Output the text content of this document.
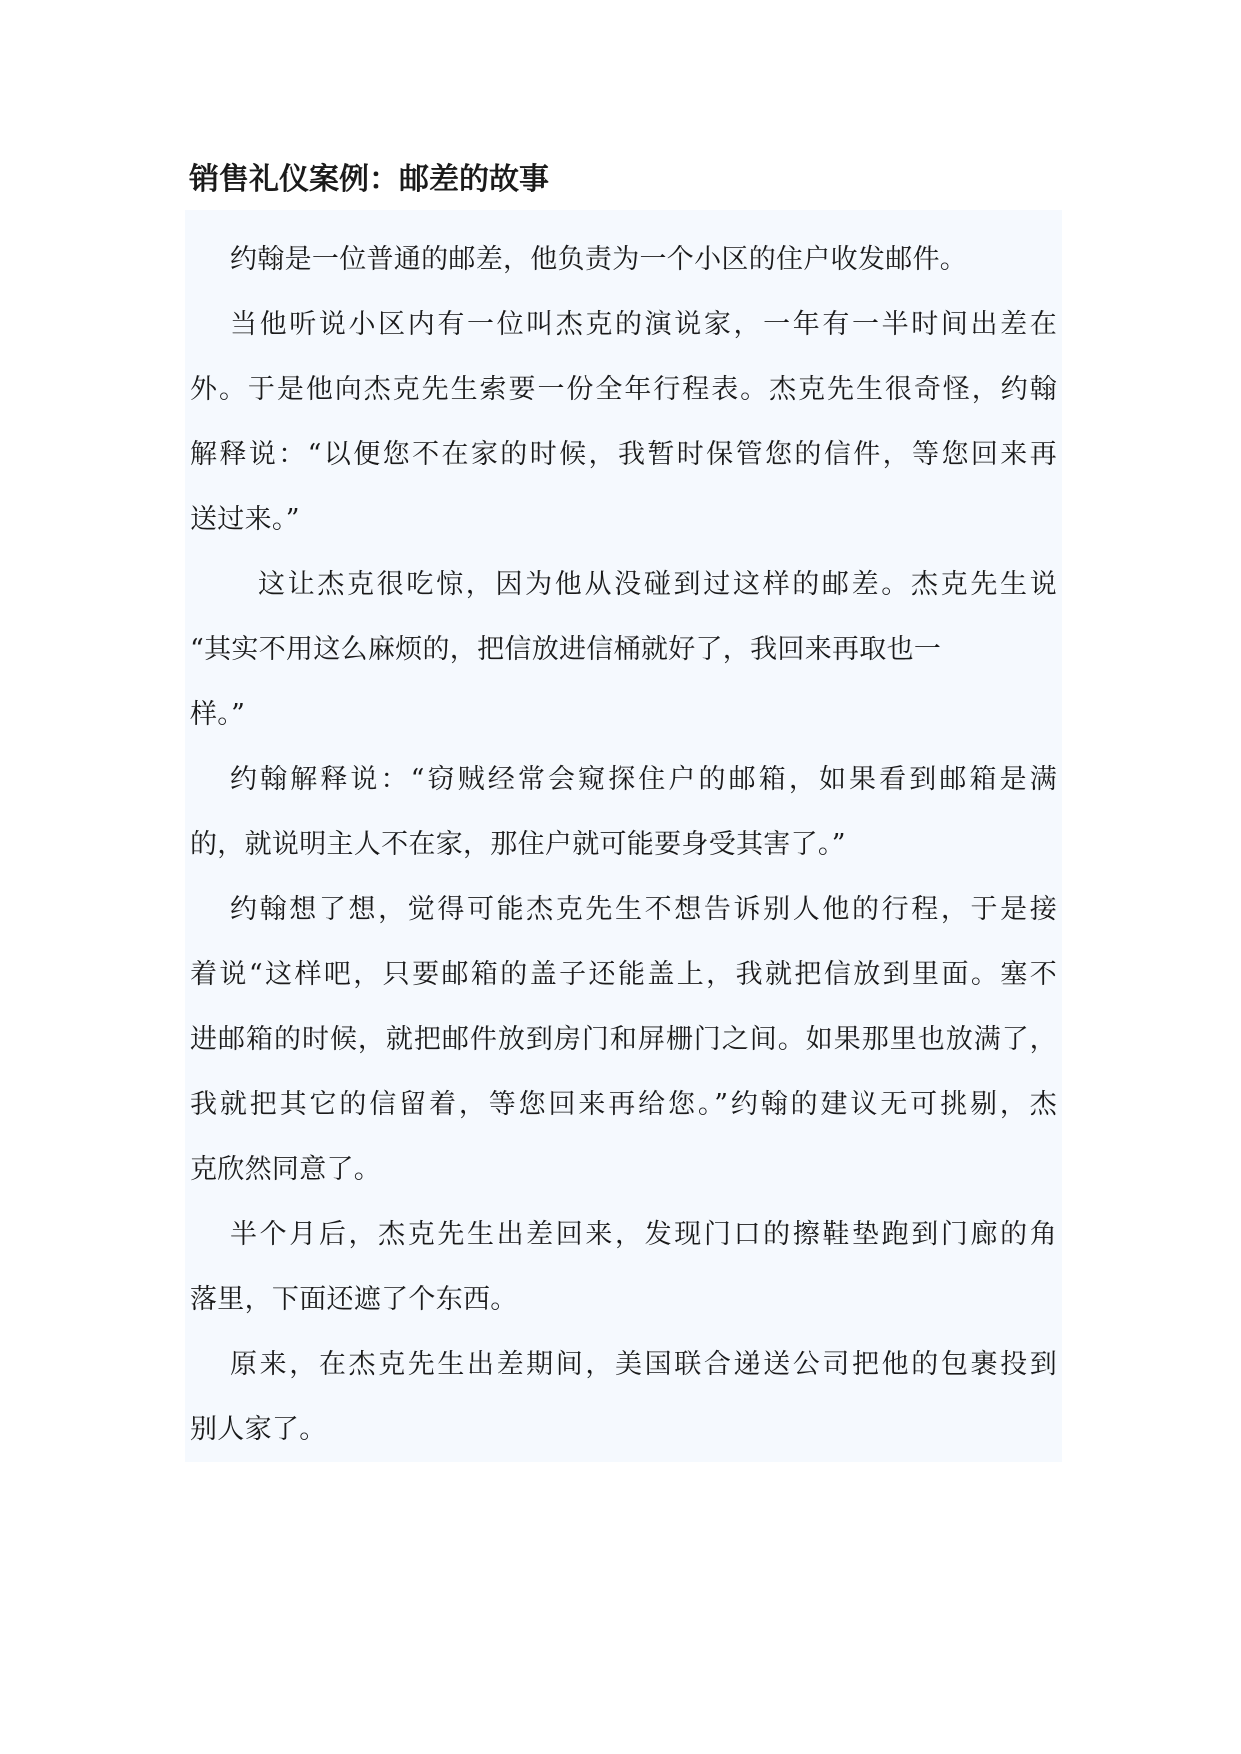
销售礼仪案例：邮差的故事

约翰是一位普通的邮差，他负责为一个小区的住户收发邮件。

当他听说小区内有一位叫杰克的演说家，一年有一半时间出差在
外。于是他向杰克先生索要一份全年行程表。杰克先生很奇怪，约翰
解释说：“以便您不在家的时候，我暂时保管您的信件，等您回来再
送过来。”

这让杰克很吃惊，因为他从没碰到过这样的邮差。杰克先生说
“其实不用这么麻烦的，把信放进信桶就好了，我回来再取也一
样。”

约翰解释说：“窃贼经常会窥探住户的邮箱，如果看到邮箱是满
的，就说明主人不在家，那住户就可能要身受其害了。”

约翰想了想，觉得可能杰克先生不想告诉别人他的行程，于是接
着说“这样吧，只要邮箱的盖子还能盖上，我就把信放到里面。塞不
进邮箱的时候，就把邮件放到房门和屏栅门之间。如果那里也放满了，
我就把其它的信留着，等您回来再给您。”约翰的建议无可挑剔，杰
克欣然同意了。

半个月后，杰克先生出差回来，发现门口的擦鞋垫跑到门廊的角
落里，下面还遮了个东西。

原来，在杰克先生出差期间，美国联合递送公司把他的包裹投到
别人家了。
